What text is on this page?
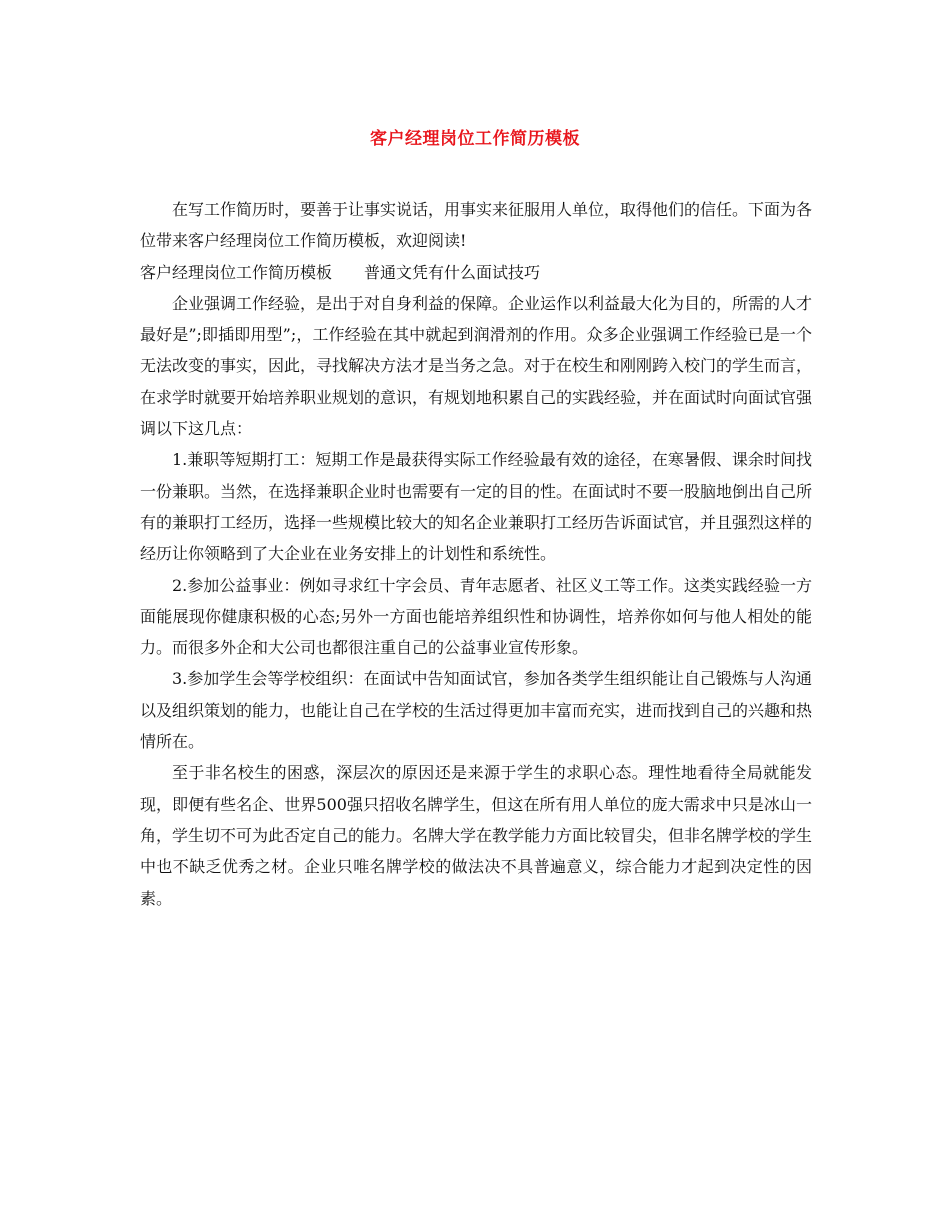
客户经理岗位工作简历模板

在写工作简历时，要善于让事实说话，用事实来征服用人单位，取得他们的信任。下面为各位带来客户经理岗位工作简历模板，欢迎阅读!

客户经理岗位工作简历模板　　普通文凭有什么面试技巧

企业强调工作经验，是出于对自身利益的保障。企业运作以利益最大化为目的，所需的人才最好是”;即插即用型”;，工作经验在其中就起到润滑剂的作用。众多企业强调工作经验已是一个无法改变的事实，因此，寻找解决方法才是当务之急。对于在校生和刚刚跨入校门的学生而言，在求学时就要开始培养职业规划的意识，有规划地积累自己的实践经验，并在面试时向面试官强调以下这几点：

1.兼职等短期打工：短期工作是最获得实际工作经验最有效的途径，在寒暑假、课余时间找一份兼职。当然，在选择兼职企业时也需要有一定的目的性。在面试时不要一股脑地倒出自己所有的兼职打工经历，选择一些规模比较大的知名企业兼职打工经历告诉面试官，并且强烈这样的经历让你领略到了大企业在业务安排上的计划性和系统性。

2.参加公益事业：例如寻求红十字会员、青年志愿者、社区义工等工作。这类实践经验一方面能展现你健康积极的心态;另外一方面也能培养组织性和协调性，培养你如何与他人相处的能力。而很多外企和大公司也都很注重自己的公益事业宣传形象。

3.参加学生会等学校组织：在面试中告知面试官，参加各类学生组织能让自己锻炼与人沟通以及组织策划的能力，也能让自己在学校的生活过得更加丰富而充实，进而找到自己的兴趣和热情所在。

至于非名校生的困惑，深层次的原因还是来源于学生的求职心态。理性地看待全局就能发现，即便有些名企、世界500强只招收名牌学生，但这在所有用人单位的庞大需求中只是冰山一角，学生切不可为此否定自己的能力。名牌大学在教学能力方面比较冒尖，但非名牌学校的学生中也不缺乏优秀之材。企业只唯名牌学校的做法决不具普遍意义，综合能力才起到决定性的因素。
